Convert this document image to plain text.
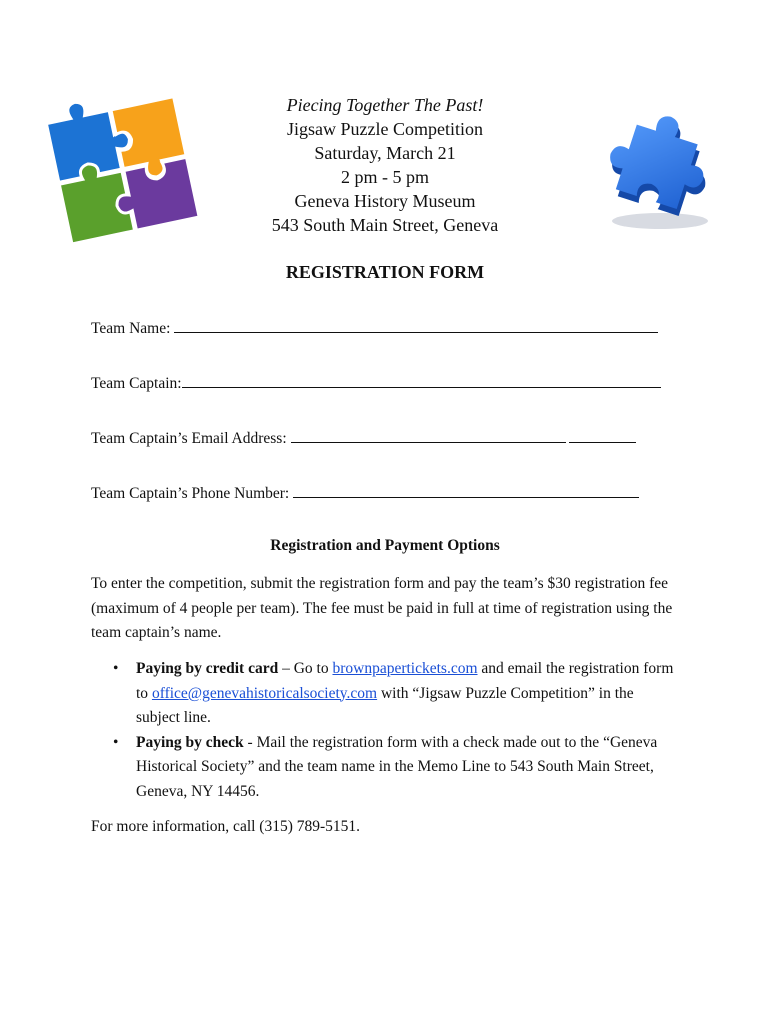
Piecing Together The Past!
Jigsaw Puzzle Competition
Saturday, March 21
2 pm - 5 pm
Geneva History Museum
543 South Main Street, Geneva
REGISTRATION FORM
Team Name:
Team Captain:
Team Captain’s Email Address:
Team Captain’s Phone Number:
Registration and Payment Options
To enter the competition, submit the registration form and pay the team’s $30 registration fee (maximum of 4 people per team). The fee must be paid in full at time of registration using the team captain’s name.
• Paying by credit card – Go to brownpapertickets.com and email the registration form to office@genevahistoricalsociety.com with “Jigsaw Puzzle Competition” in the subject line.
• Paying by check - Mail the registration form with a check made out to the “Geneva Historical Society” and the team name in the Memo Line to 543 South Main Street, Geneva, NY 14456.
For more information, call (315) 789-5151.
